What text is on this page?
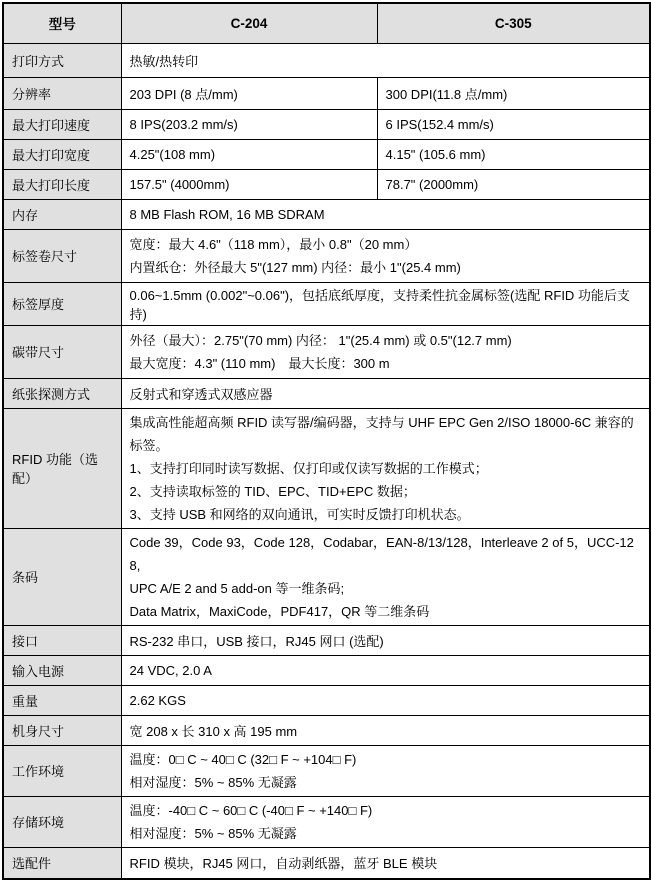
型号	C-204	C-305
打印方式	热敏/热转印	
分辨率	203 DPI (8 点/mm)	300 DPI(11.8 点/mm)
最大打印速度	8 IPS(203.2 mm/s)	6 IPS(152.4 mm/s)
最大打印宽度	4.25"(108 mm)	4.15" (105.6 mm)
最大打印长度	157.5" (4000mm)	78.7" (2000mm)
内存	8 MB Flash ROM, 16 MB SDRAM	
标签卷尺寸	宽度：最大 4.6"（118 mm），最小 0.8"（20 mm）
内置纸仓：外径最大 5"(127 mm) 内径：最小 1"(25.4 mm)	

标签厚度	0.06~1.5mm (0.002"~0.06")，包括底纸厚度，支持柔性抗金属标签(选配 RFID 功能后支持)	
碳带尺寸	外径（最大）：2.75"(70 mm) 内径： 1"(25.4 mm) 或 0.5"(12.7 mm)
最大宽度：4.3" (110 mm)　最大长度：300 m	

纸张探测方式	反射式和穿透式双感应器	
RFID 功能（选配）	集成高性能超高频 RFID 读写器/编码器，支持与 UHF EPC Gen 2/ISO 18000-6C 兼容的标签。
1、支持打印同时读写数据、仅打印或仅读写数据的工作模式；
2、支持读取标签的 TID、EPC、TID+EPC 数据；
3、支持 USB 和网络的双向通讯，可实时反馈打印机状态。	

条码	Code 39，Code 93，Code 128，Codabar，EAN-8/13/128，Interleave 2 of 5，UCC-128,
UPC A/E 2 and 5 add-on 等一维条码;
Data Matrix，MaxiCode，PDF417，QR 等二维条码	

接口	RS-232 串口，USB 接口，RJ45 网口 (选配)	
输入电源	24 VDC, 2.0 A	
重量	2.62 KGS	
机身尺寸	宽 208 x 长 310 x 高 195 mm	
工作环境	温度：0□ C ~ 40□ C (32□ F ~ +104□ F)
相对湿度：5% ~ 85% 无凝露	

存储环境	温度：-40□ C ~ 60□ C (-40□ F ~ +140□ F)
相对湿度：5% ~ 85% 无凝露	

选配件	RFID 模块，RJ45 网口，自动剥纸器，蓝牙 BLE 模块	
